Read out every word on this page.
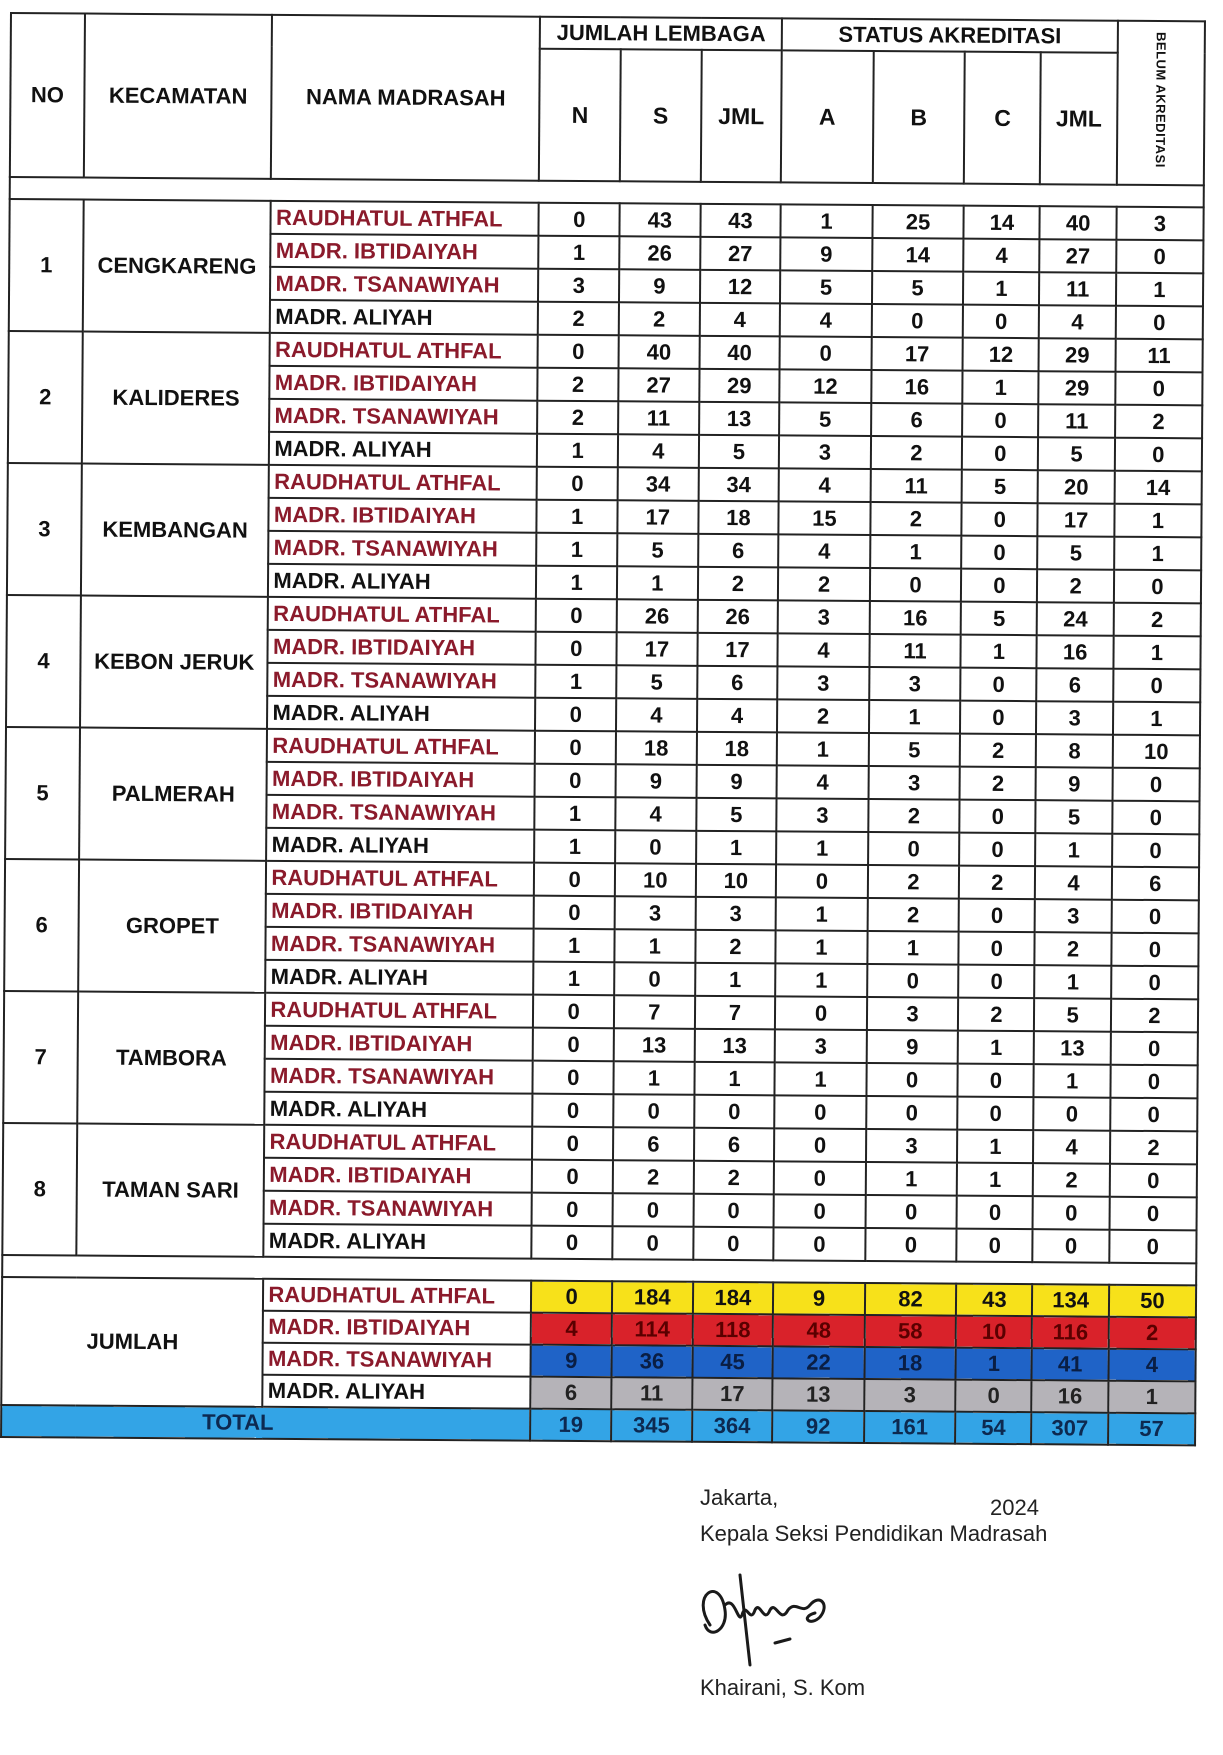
NO	KECAMATAN	NAMA MADRASAH	JUMLAH LEMBAGA			STATUS AKREDITASI				BELUM AKREDITASI
			N	S	JML	A	B	C	JML	

1	CENGKARENG	RAUDHATUL ATHFAL	0	43	43	1	25	14	40	3
		MADR. IBTIDAIYAH	1	26	27	9	14	4	27	0
		MADR. TSANAWIYAH	3	9	12	5	5	1	11	1
		MADR. ALIYAH	2	2	4	4	0	0	4	0
2	KALIDERES	RAUDHATUL ATHFAL	0	40	40	0	17	12	29	11
		MADR. IBTIDAIYAH	2	27	29	12	16	1	29	0
		MADR. TSANAWIYAH	2	11	13	5	6	0	11	2
		MADR. ALIYAH	1	4	5	3	2	0	5	0
3	KEMBANGAN	RAUDHATUL ATHFAL	0	34	34	4	11	5	20	14
		MADR. IBTIDAIYAH	1	17	18	15	2	0	17	1
		MADR. TSANAWIYAH	1	5	6	4	1	0	5	1
		MADR. ALIYAH	1	1	2	2	0	0	2	0
4	KEBON JERUK	RAUDHATUL ATHFAL	0	26	26	3	16	5	24	2
		MADR. IBTIDAIYAH	0	17	17	4	11	1	16	1
		MADR. TSANAWIYAH	1	5	6	3	3	0	6	0
		MADR. ALIYAH	0	4	4	2	1	0	3	1
5	PALMERAH	RAUDHATUL ATHFAL	0	18	18	1	5	2	8	10
		MADR. IBTIDAIYAH	0	9	9	4	3	2	9	0
		MADR. TSANAWIYAH	1	4	5	3	2	0	5	0
		MADR. ALIYAH	1	0	1	1	0	0	1	0
6	GROPET	RAUDHATUL ATHFAL	0	10	10	0	2	2	4	6
		MADR. IBTIDAIYAH	0	3	3	1	2	0	3	0
		MADR. TSANAWIYAH	1	1	2	1	1	0	2	0
		MADR. ALIYAH	1	0	1	1	0	0	1	0
7	TAMBORA	RAUDHATUL ATHFAL	0	7	7	0	3	2	5	2
		MADR. IBTIDAIYAH	0	13	13	3	9	1	13	0
		MADR. TSANAWIYAH	0	1	1	1	0	0	1	0
		MADR. ALIYAH	0	0	0	0	0	0	0	0
8	TAMAN SARI	RAUDHATUL ATHFAL	0	6	6	0	3	1	4	2
		MADR. IBTIDAIYAH	0	2	2	0	1	1	2	0
		MADR. TSANAWIYAH	0	0	0	0	0	0	0	0
		MADR. ALIYAH	0	0	0	0	0	0	0	0

JUMLAH		RAUDHATUL ATHFAL	0	184	184	9	82	43	134	50
		MADR. IBTIDAIYAH	4	114	118	48	58	10	116	2
		MADR. TSANAWIYAH	9	36	45	22	18	1	41	4
		MADR. ALIYAH	6	11	17	13	3	0	16	1
TOTAL			19	345	364	92	161	54	307	57
Jakarta,	2024
Kepala Seksi Pendidikan Madrasah
Khairani, S. Kom
